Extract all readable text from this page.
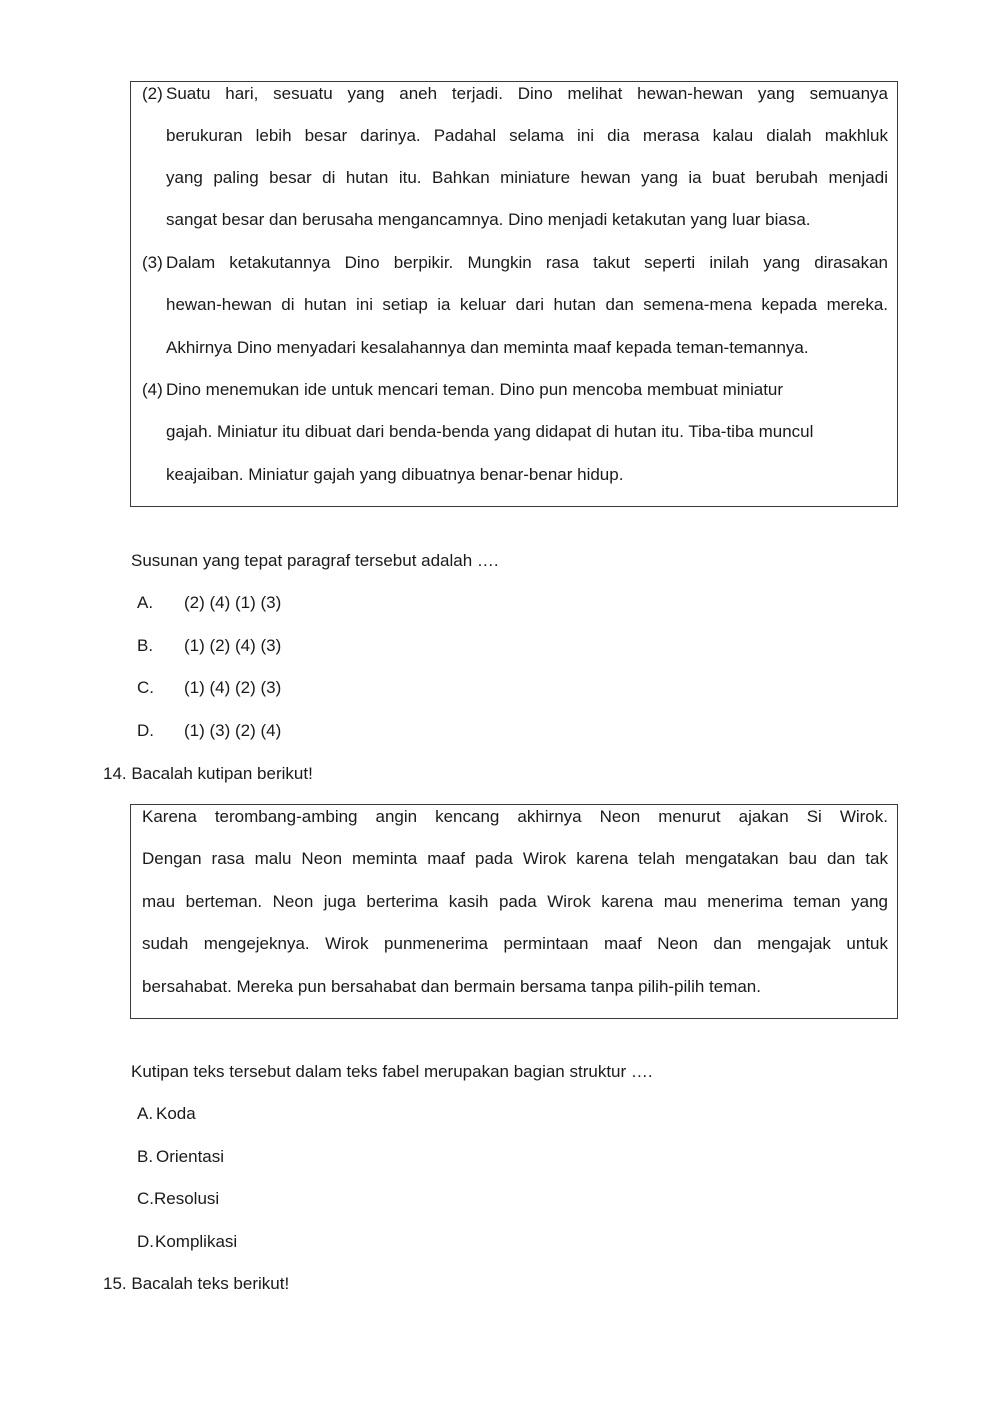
(2) Suatu hari, sesuatu yang aneh terjadi. Dino melihat hewan-hewan yang semuanya
berukuran lebih besar darinya. Padahal selama ini dia merasa kalau dialah makhluk
yang paling besar di hutan itu. Bahkan miniature hewan yang ia buat berubah menjadi
sangat besar dan berusaha mengancamnya. Dino menjadi ketakutan yang luar biasa.
(3) Dalam ketakutannya Dino berpikir. Mungkin rasa takut seperti inilah yang dirasakan
hewan-hewan di hutan ini setiap ia keluar dari hutan dan semena-mena kepada mereka.
Akhirnya Dino menyadari kesalahannya dan meminta maaf kepada teman-temannya.
(4) Dino menemukan ide untuk mencari teman. Dino pun mencoba membuat miniatur
gajah. Miniatur itu dibuat dari benda-benda yang didapat di hutan itu. Tiba-tiba muncul
keajaiban. Miniatur gajah yang dibuatnya benar-benar hidup.
Susunan yang tepat paragraf tersebut adalah ….
A. (2) (4) (1) (3)
B. (1) (2) (4) (3)
C. (1) (4) (2) (3)
D. (1) (3) (2) (4)
14. Bacalah kutipan berikut!
Karena terombang-ambing angin kencang akhirnya Neon menurut ajakan Si Wirok.
Dengan rasa malu Neon meminta maaf pada Wirok karena telah mengatakan bau dan tak
mau berteman. Neon juga berterima kasih pada Wirok karena mau menerima teman yang
sudah mengejeknya. Wirok punmenerima permintaan maaf Neon dan mengajak untuk
bersahabat. Mereka pun bersahabat dan bermain bersama tanpa pilih-pilih teman.
Kutipan teks tersebut dalam teks fabel merupakan bagian struktur ….
A. Koda
B. Orientasi
C. Resolusi
D. Komplikasi
15. Bacalah teks berikut!
